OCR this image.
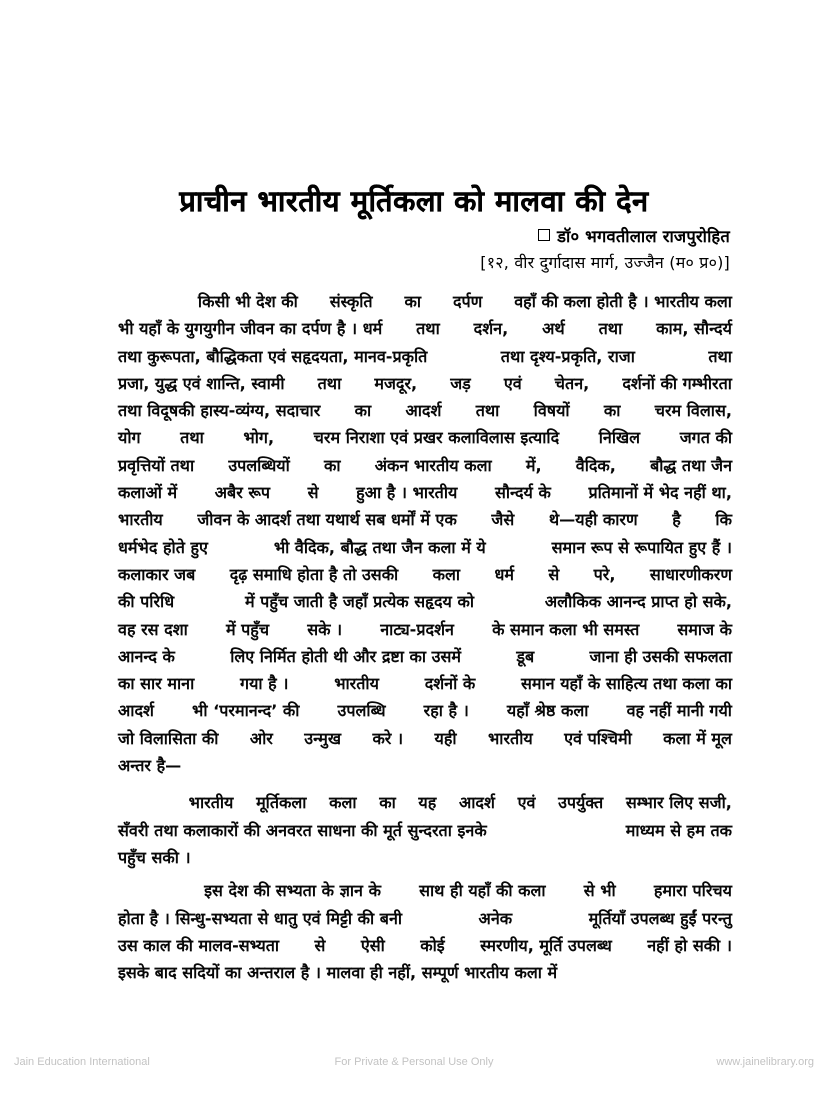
प्राचीन भारतीय मूर्तिकला को मालवा की देन
डॉ० भगवतीलाल राजपुरोहित
[१२, वीर दुर्गादास मार्ग, उज्जैन (म० प्र०)]

किसी भी देश की संस्कृति का दर्पण वहाँ की कला होती है । भारतीय कला
भी यहाँ के युगयुगीन जीवन का दर्पण है । धर्म तथा दर्शन, अर्थ तथा काम, सौन्दर्य
तथा कुरूपता, बौद्धिकता एवं सहृदयता, मानव-प्रकृति	तथा दृश्य-प्रकृति, राजा	तथा
प्रजा, युद्ध एवं शान्ति, स्वामी तथा मजदूर, जड़ एवं चेतन, दर्शनों की गम्भीरता
तथा विदूषकी हास्य-व्यंग्य, सदाचार का आदर्श तथा विषयों का चरम विलास,
योग तथा भोग, चरम निराशा एवं प्रखर कलाविलास इत्यादि निखिल जगत की
प्रवृत्तियों तथा उपलब्धियों का अंकन भारतीय कला में, वैदिक, बौद्ध तथा जैन
कलाओं में अबैर रूप से हुआ है । भारतीय सौन्दर्य के प्रतिमानों में भेद नहीं था,
भारतीय जीवन के आदर्श तथा यथार्थ सब धर्मों में एक जैसे थे—यही कारण है कि
धर्मभेद होते हुए	भी वैदिक, बौद्ध तथा जैन कला में ये	समान रूप से रूपायित हुए हैं ।
कलाकार जब दृढ़ समाधि होता है तो उसकी कला धर्म से परे, साधारणीकरण
की परिधि	में पहुँच जाती है जहाँ प्रत्येक सहृदय को	अलौकिक आनन्द प्राप्त हो सके,
वह रस दशा में पहुँच सके । नाट्य-प्रदर्शन के समान कला भी समस्त समाज के
आनन्द के	लिए निर्मित होती थी और द्रष्टा का उसमें	डूब	जाना ही उसकी सफलता
का सार माना	गया है ।	भारतीय	दर्शनों के	समान यहाँ के साहित्य तथा कला का
आदर्श भी ‘परमानन्द’ की उपलब्धि रहा है । यहाँ श्रेष्ठ कला वह नहीं मानी गयी
जो विलासिता की ओर उन्मुख करे । यही भारतीय एवं पश्चिमी कला में मूल
अन्तर है—

भारतीय मूर्तिकला कला का यह आदर्श एवं उपर्युक्त सम्भार लिए सजी,
सँवरी तथा कलाकारों की अनवरत साधना की मूर्त सुन्दरता इनके	माध्यम से हम तक
पहुँच सकी ।

इस देश की सभ्यता के ज्ञान के साथ ही यहाँ की कला से भी हमारा परिचय
होता है । सिन्धु-सभ्यता से धातु एवं मिट्टी की बनी	अनेक	मूर्तियाँ उपलब्ध हुईं परन्तु
उस काल की मालव-सभ्यता से ऐसी कोई स्मरणीय, मूर्ति उपलब्ध नहीं हो सकी ।
इसके बाद सदियों का अन्तराल है । मालवा ही नहीं, सम्पूर्ण भारतीय कला में

Jain Education International	For Private & Personal Use Only	www.jainelibrary.org
